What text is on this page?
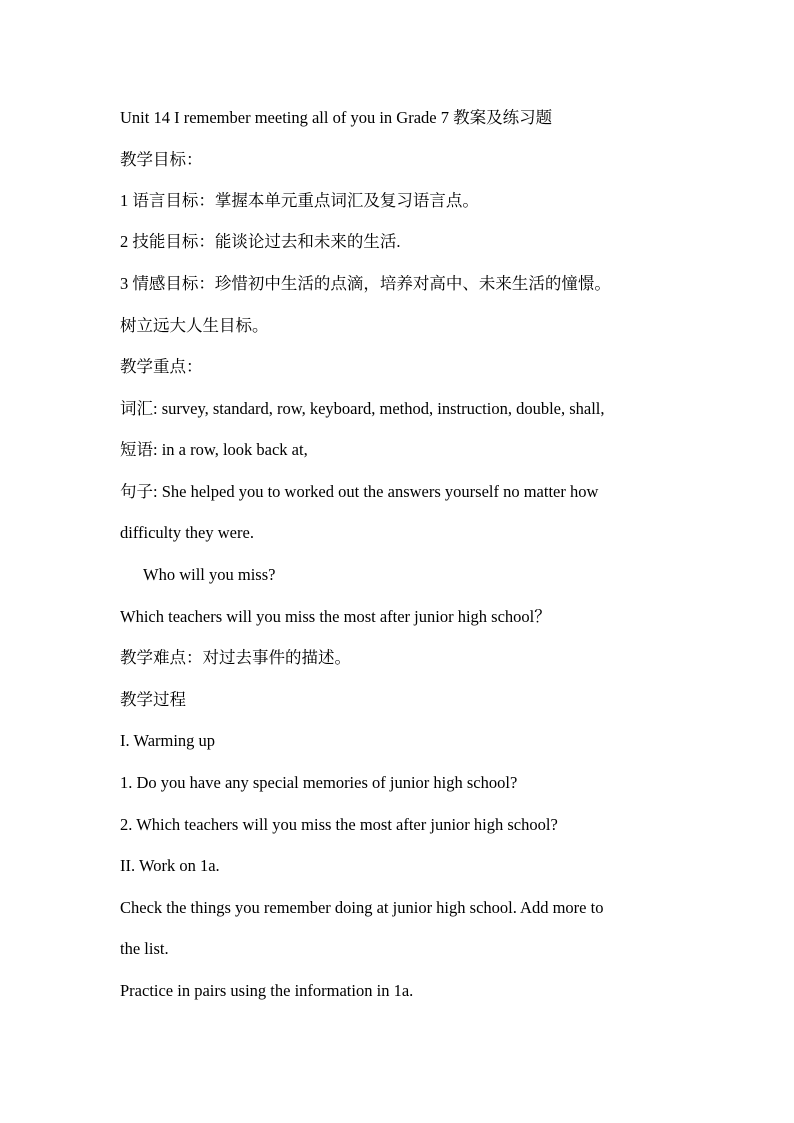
Unit 14 I remember meeting all of you in Grade 7 教案及练习题
教学目标：
1 语言目标：掌握本单元重点词汇及复习语言点。
2 技能目标：能谈论过去和未来的生活.
3 情感目标：珍惜初中生活的点滴，培养对高中、未来生活的憧憬。
树立远大人生目标。
教学重点：
词汇: survey, standard, row, keyboard, method, instruction, double, shall,
短语: in a row, look back at,
句子: She helped you to worked out the answers yourself no matter how
difficulty they were.
Who will you miss?
Which teachers will you miss the most after junior high school？
教学难点：对过去事件的描述。
教学过程
I. Warming up
1. Do you have any special memories of junior high school?
2. Which teachers will you miss the most after junior high school?
II. Work on 1a.
Check the things you remember doing at junior high school. Add more to
the list.
Practice in pairs using the information in 1a.
